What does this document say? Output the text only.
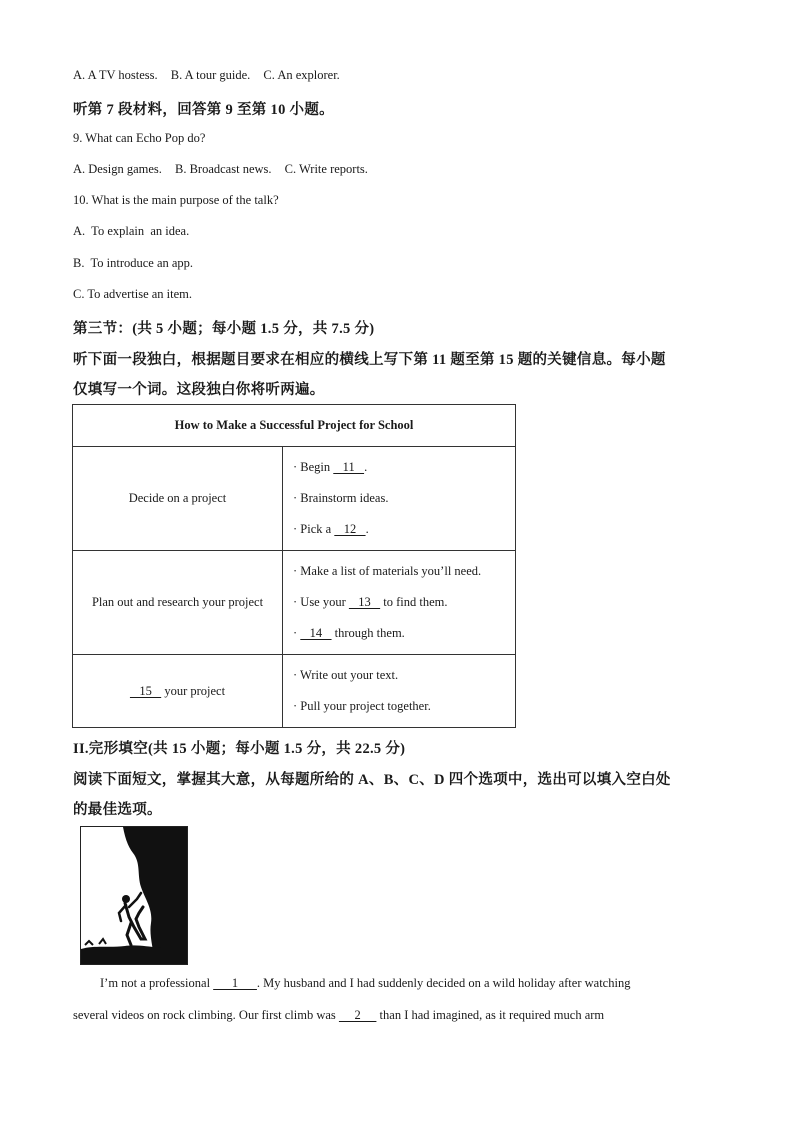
A. A TV hostess. B. A tour guide. C. An explorer.
听第 7 段材料，回答第 9 至第 10 小题。
9. What can Echo Pop do?
A. Design games. B. Broadcast news. C. Write reports.
10. What is the main purpose of the talk?
A.  To explain  an idea.
B.  To introduce an app.
C. To advertise an item.
第三节：(共 5 小题；每小题 1.5 分，共 7.5 分)
听下面一段独白，根据题目要求在相应的横线上写下第 11 题至第 15 题的关键信息。每小题
仅填写一个词。这段独白你将听两遍。
How to Make a Successful Project for School	
Decide on a project	· Begin    11   .
· Brainstorm ideas.
· Pick a    12   .

Plan out and research your project	· Make a list of materials you’ll need.
· Use your    13    to find them.
·    14    through them.

15    your project	· Write out your text.
· Pull your project together.
II.完形填空(共 15 小题；每小题 1.5 分，共 22.5 分)
阅读下面短文，掌握其大意，从每题所给的 A、B、C、D 四个选项中，选出可以填入空白处
的最佳选项。
I’m not a professional       1      . My husband and I had suddenly decided on a wild holiday after watching
several videos on rock climbing. Our first climb was      2      than I had imagined, as it required much arm
